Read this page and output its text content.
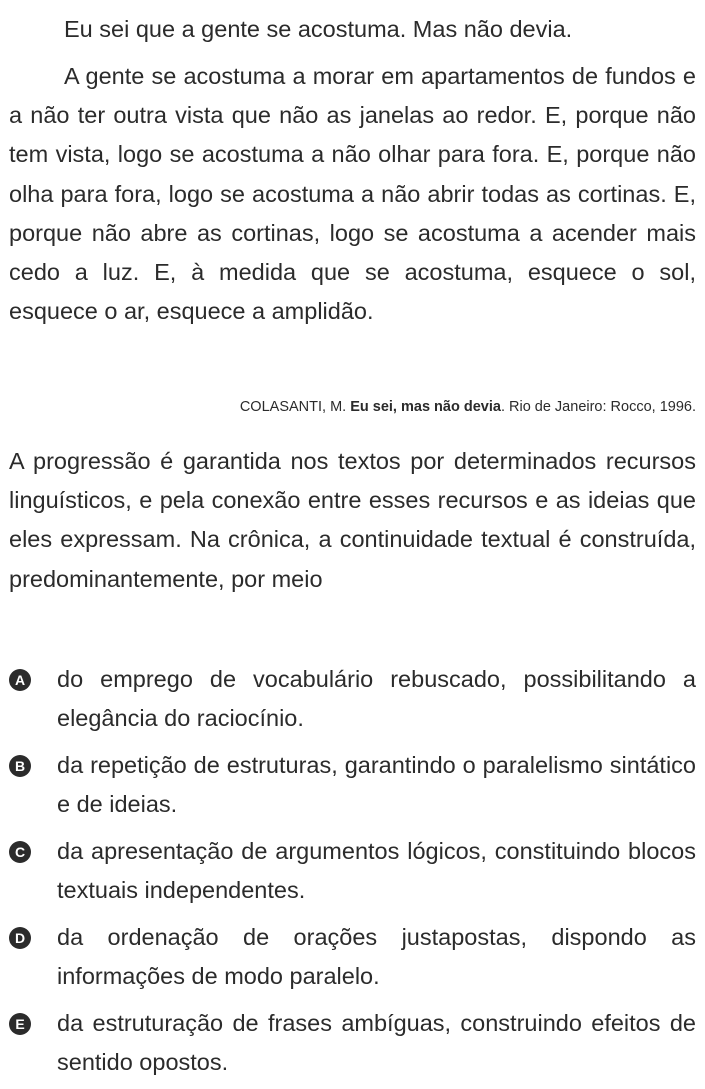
Eu sei que a gente se acostuma. Mas não devia.

A gente se acostuma a morar em apartamentos de fundos e a não ter outra vista que não as janelas ao redor. E, porque não tem vista, logo se acostuma a não olhar para fora. E, porque não olha para fora, logo se acostuma a não abrir todas as cortinas. E, porque não abre as cortinas, logo se acostuma a acender mais cedo a luz. E, à medida que se acostuma, esquece o sol, esquece o ar, esquece a amplidão.

COLASANTI, M. Eu sei, mas não devia. Rio de Janeiro: Rocco, 1996.

A progressão é garantida nos textos por determinados recursos linguísticos, e pela conexão entre esses recursos e as ideias que eles expressam. Na crônica, a continuidade textual é construída, predominantemente, por meio

A do emprego de vocabulário rebuscado, possibilitando a elegância do raciocínio.
B da repetição de estruturas, garantindo o paralelismo sintático e de ideias.
C da apresentação de argumentos lógicos, constituindo blocos textuais independentes.
D da ordenação de orações justapostas, dispondo as informações de modo paralelo.
E da estruturação de frases ambíguas, construindo efeitos de sentido opostos.
